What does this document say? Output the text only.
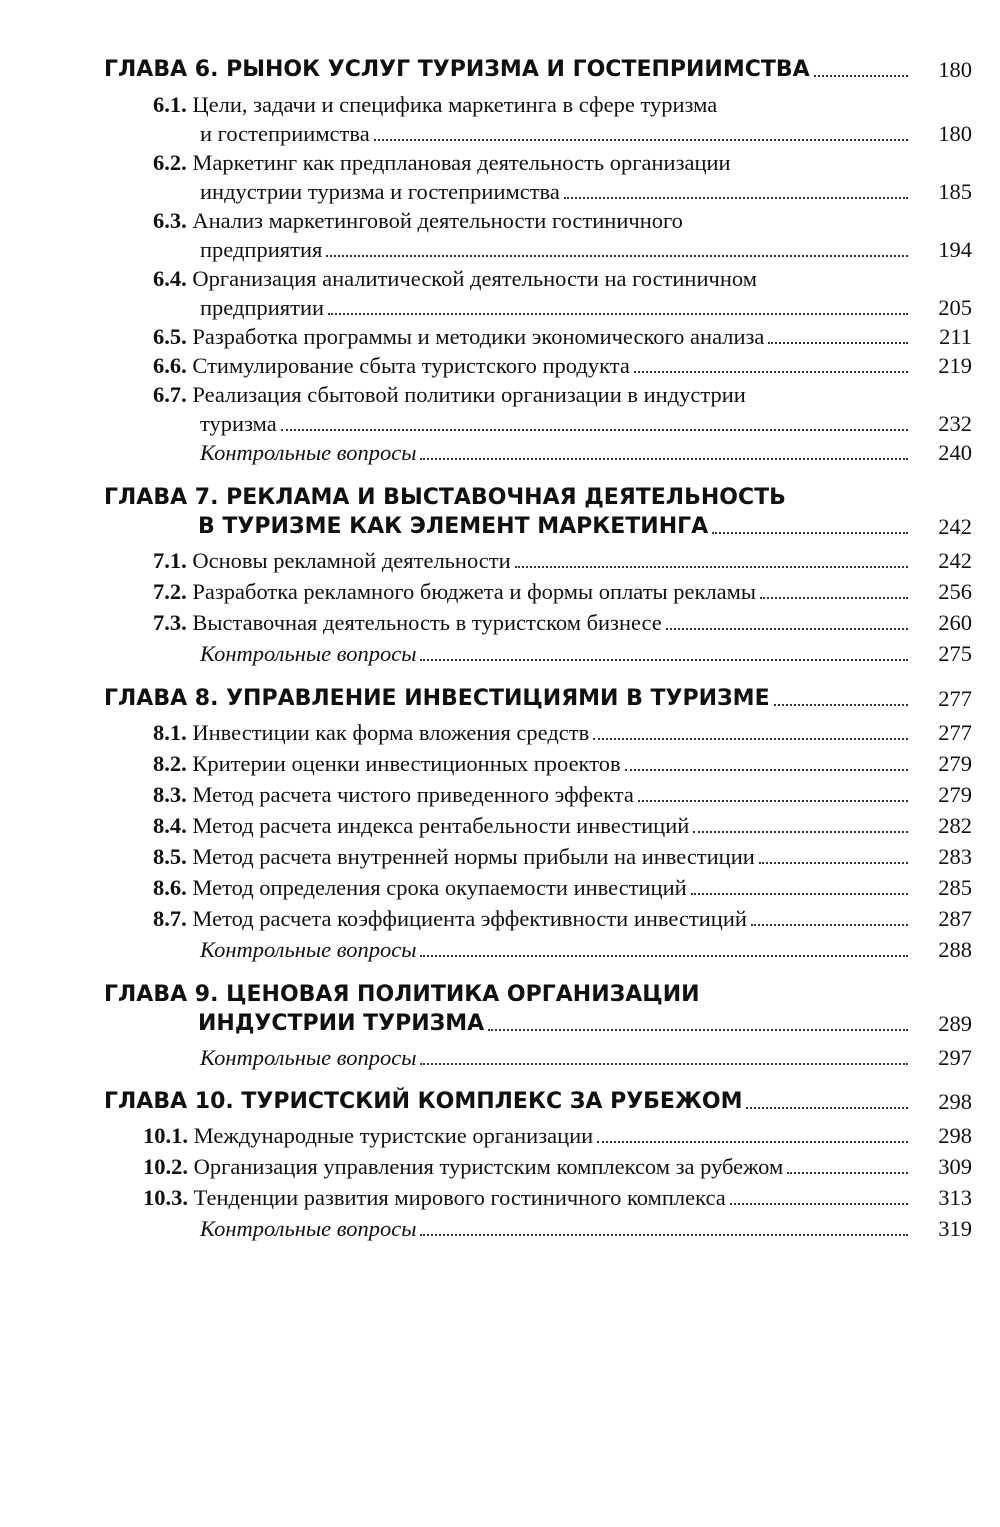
ГЛАВА 6. РЫНОК УСЛУГ ТУРИЗМА И ГОСТЕПРИИМСТВА	180
6.1. Цели, задачи и специфика маркетинга в сфере туризма
и гостеприимства	180
6.2. Маркетинг как предплановая деятельность организации
индустрии туризма и гостеприимства	185
6.3. Анализ маркетинговой деятельности гостиничного
предприятия	194
6.4. Организация аналитической деятельности на гостиничном
предприятии	205
6.5. Разработка программы и методики экономического анализа	211
6.6. Стимулирование сбыта туристского продукта	219
6.7. Реализация сбытовой политики организации в индустрии
туризма	232
Контрольные вопросы	240
ГЛАВА 7. РЕКЛАМА И ВЫСТАВОЧНАЯ ДЕЯТЕЛЬНОСТЬ
В ТУРИЗМЕ КАК ЭЛЕМЕНТ МАРКЕТИНГА	242
7.1. Основы рекламной деятельности	242
7.2. Разработка рекламного бюджета и формы оплаты рекламы	256
7.3. Выставочная деятельность в туристском бизнесе	260
Контрольные вопросы	275
ГЛАВА 8. УПРАВЛЕНИЕ ИНВЕСТИЦИЯМИ В ТУРИЗМЕ	277
8.1. Инвестиции как форма вложения средств	277
8.2. Критерии оценки инвестиционных проектов	279
8.3. Метод расчета чистого приведенного эффекта	279
8.4. Метод расчета индекса рентабельности инвестиций	282
8.5. Метод расчета внутренней нормы прибыли на инвестиции	283
8.6. Метод определения срока окупаемости инвестиций	285
8.7. Метод расчета коэффициента эффективности инвестиций	287
Контрольные вопросы	288
ГЛАВА 9. ЦЕНОВАЯ ПОЛИТИКА ОРГАНИЗАЦИИ
ИНДУСТРИИ ТУРИЗМА	289
Контрольные вопросы	297
ГЛАВА 10. ТУРИСТСКИЙ КОМПЛЕКС ЗА РУБЕЖОМ	298
10.1. Международные туристские организации	298
10.2. Организация управления туристским комплексом за рубежом	309
10.3. Тенденции развития мирового гостиничного комплекса	313
Контрольные вопросы	319
